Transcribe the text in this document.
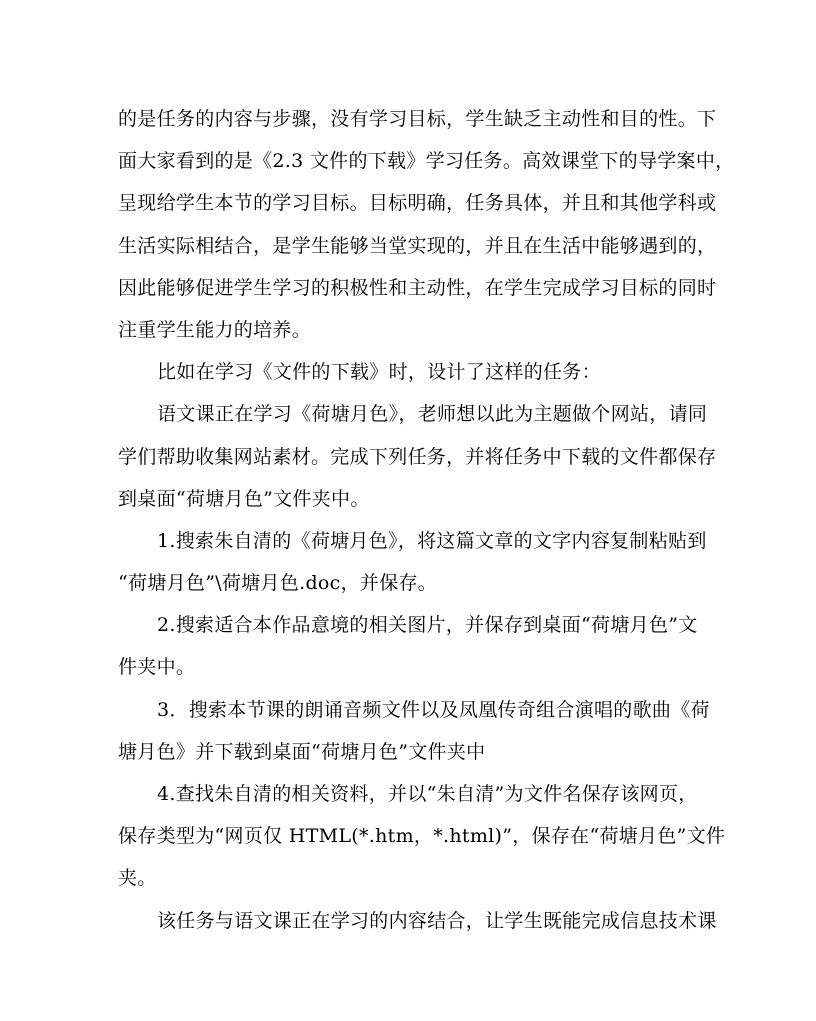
的是任务的内容与步骤，没有学习目标，学生缺乏主动性和目的性。下
面大家看到的是《2.3 文件的下载》学习任务。高效课堂下的导学案中，
呈现给学生本节的学习目标。目标明确，任务具体，并且和其他学科或
生活实际相结合，是学生能够当堂实现的，并且在生活中能够遇到的，
因此能够促进学生学习的积极性和主动性，在学生完成学习目标的同时
注重学生能力的培养。
比如在学习《文件的下载》时，设计了这样的任务：
语文课正在学习《荷塘月色》，老师想以此为主题做个网站，请同
学们帮助收集网站素材。完成下列任务，并将任务中下载的文件都保存
到桌面“荷塘月色”文件夹中。
1.搜索朱自清的《荷塘月色》，将这篇文章的文字内容复制粘贴到
“荷塘月色”\荷塘月色.doc，并保存。
2.搜索适合本作品意境的相关图片，并保存到桌面“荷塘月色”文
件夹中。
3．搜索本节课的朗诵音频文件以及凤凰传奇组合演唱的歌曲《荷
塘月色》并下载到桌面“荷塘月色”文件夹中
4.查找朱自清的相关资料，并以“朱自清”为文件名保存该网页，
保存类型为“网页仅 HTML(*.htm，*.html)”，保存在“荷塘月色”文件
夹。
该任务与语文课正在学习的内容结合，让学生既能完成信息技术课
